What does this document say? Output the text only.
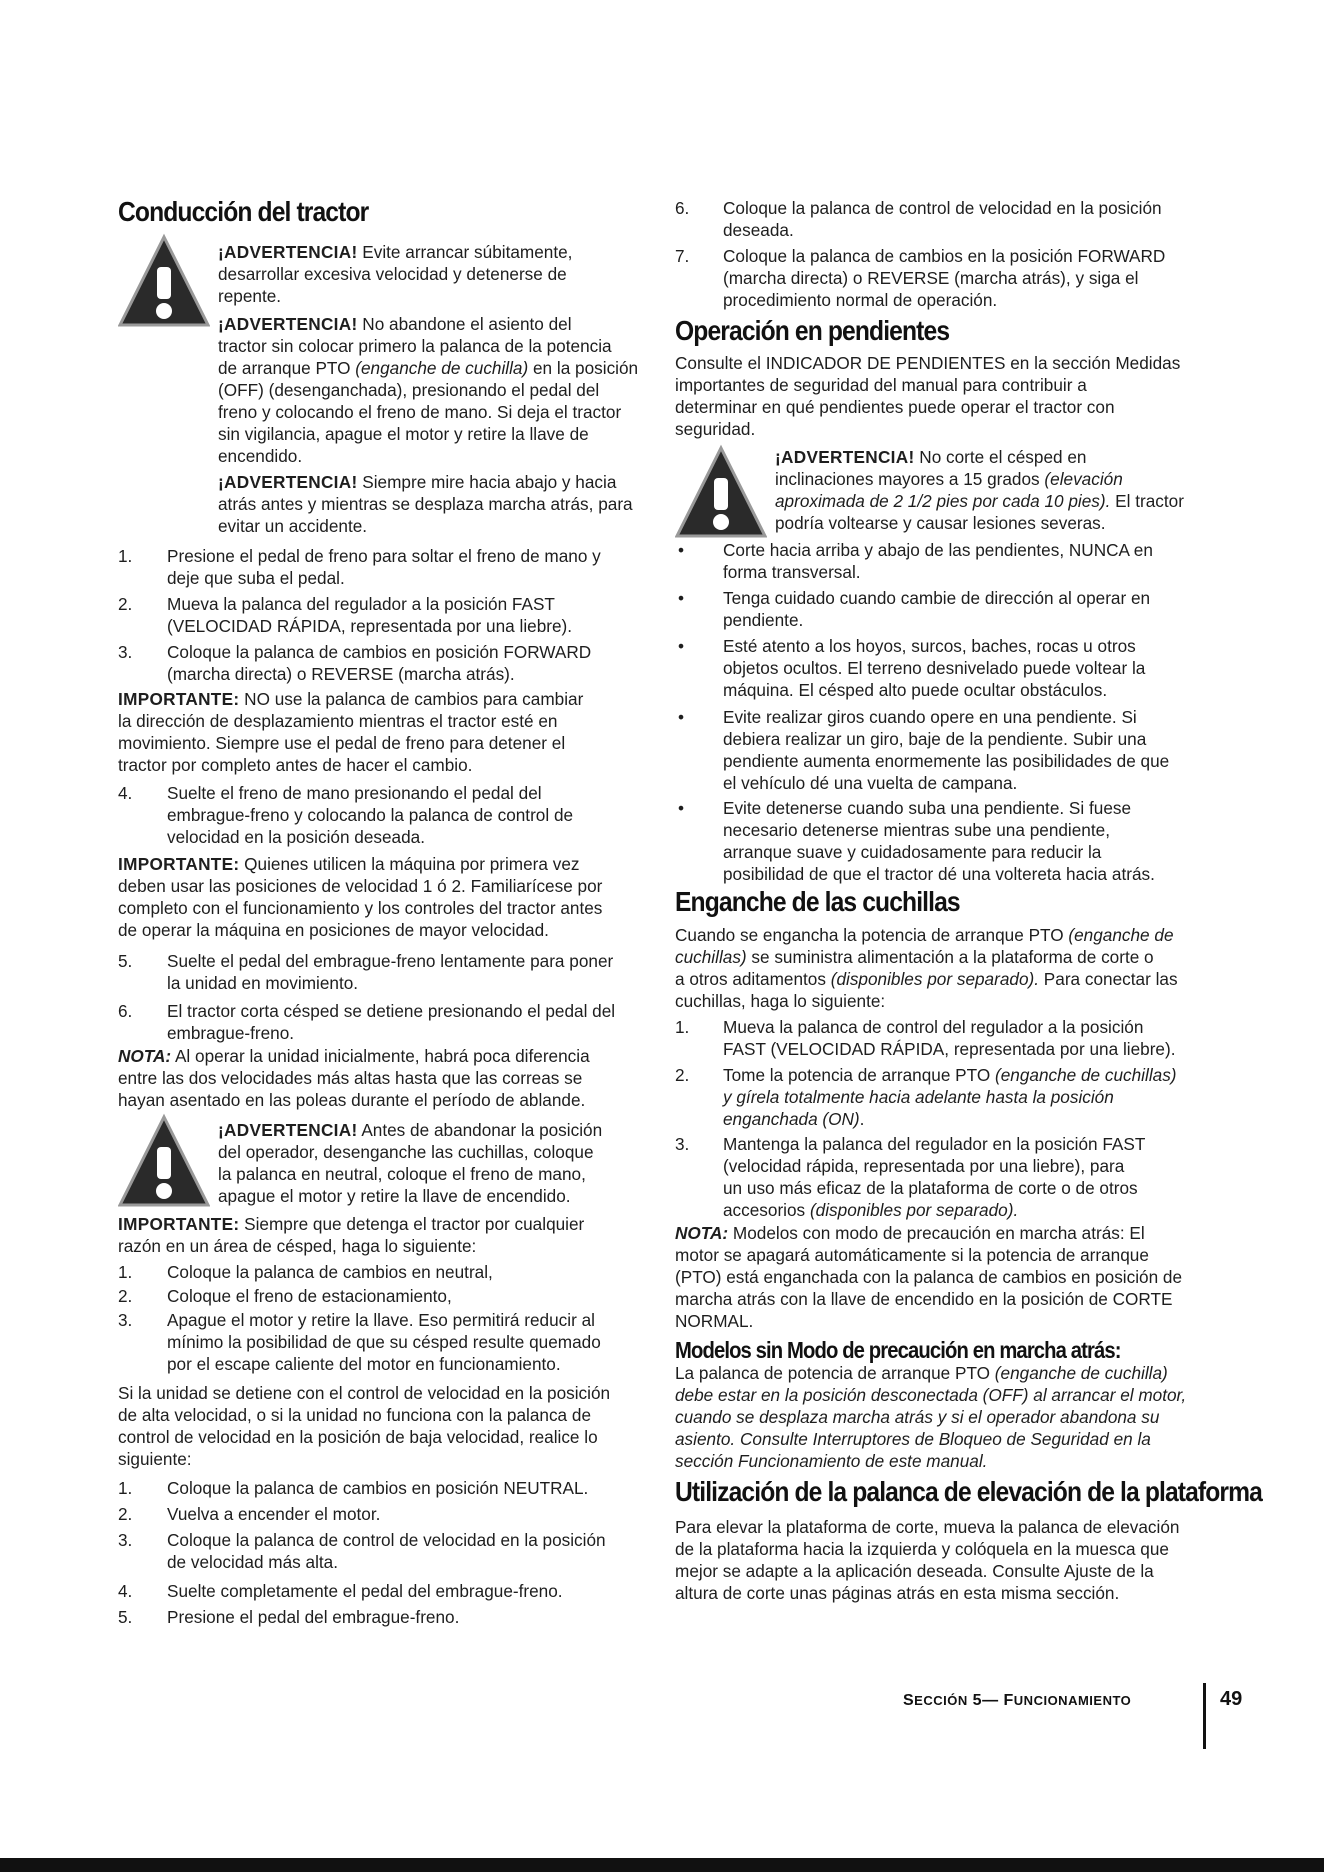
Conducción del tractor

¡ADVERTENCIA! Evite arrancar súbitamente,

desarrollar excesiva velocidad y detenerse de

repente.

¡ADVERTENCIA! No abandone el asiento del

tractor sin colocar primero la palanca de la potencia

de arranque PTO (enganche de cuchilla) en la posición

(OFF) (desenganchada), presionando el pedal del

freno y colocando el freno de mano. Si deja el tractor

sin vigilancia, apague el motor y retire la llave de

encendido.

¡ADVERTENCIA! Siempre mire hacia abajo y hacia

atrás antes y mientras se desplaza marcha atrás, para

evitar un accidente.

1. Presione el pedal de freno para soltar el freno de mano y

deje que suba el pedal.

2. Mueva la palanca del regulador a la posición FAST

(VELOCIDAD RÁPIDA, representada por una liebre).

3. Coloque la palanca de cambios en posición FORWARD

(marcha directa) o REVERSE (marcha atrás).

IMPORTANTE: NO use la palanca de cambios para cambiar

la dirección de desplazamiento mientras el tractor esté en

movimiento. Siempre use el pedal de freno para detener el

tractor por completo antes de hacer el cambio.

4. Suelte el freno de mano presionando el pedal del

embrague-freno y colocando la palanca de control de

velocidad en la posición deseada.

IMPORTANTE: Quienes utilicen la máquina por primera vez

deben usar las posiciones de velocidad 1 ó 2. Familiarícese por

completo con el funcionamiento y los controles del tractor antes

de operar la máquina en posiciones de mayor velocidad.

5. Suelte el pedal del embrague-freno lentamente para poner

la unidad en movimiento.

6. El tractor corta césped se detiene presionando el pedal del

embrague-freno.

NOTA: Al operar la unidad inicialmente, habrá poca diferencia

entre las dos velocidades más altas hasta que las correas se

hayan asentado en las poleas durante el período de ablande.

¡ADVERTENCIA! Antes de abandonar la posición

del operador, desenganche las cuchillas, coloque

la palanca en neutral, coloque el freno de mano,

apague el motor y retire la llave de encendido.

IMPORTANTE: Siempre que detenga el tractor por cualquier

razón en un área de césped, haga lo siguiente:

1. Coloque la palanca de cambios en neutral,

2. Coloque el freno de estacionamiento,

3. Apague el motor y retire la llave. Eso permitirá reducir al

mínimo la posibilidad de que su césped resulte quemado

por el escape caliente del motor en funcionamiento.

Si la unidad se detiene con el control de velocidad en la posición

de alta velocidad, o si la unidad no funciona con la palanca de

control de velocidad en la posición de baja velocidad, realice lo

siguiente:

1. Coloque la palanca de cambios en posición NEUTRAL.

2. Vuelva a encender el motor.

3. Coloque la palanca de control de velocidad en la posición

de velocidad más alta.

4. Suelte completamente el pedal del embrague-freno.

5. Presione el pedal del embrague-freno.

6. Coloque la palanca de control de velocidad en la posición

deseada.

7. Coloque la palanca de cambios en la posición FORWARD

(marcha directa) o REVERSE (marcha atrás), y siga el

procedimiento normal de operación.

Operación en pendientes

Consulte el INDICADOR DE PENDIENTES en la sección Medidas

importantes de seguridad del manual para contribuir a

determinar en qué pendientes puede operar el tractor con

seguridad.

¡ADVERTENCIA! No corte el césped en

inclinaciones mayores a 15 grados (elevación

aproximada de 2 1/2 pies por cada 10 pies). El tractor

podría voltearse y causar lesiones severas.

• Corte hacia arriba y abajo de las pendientes, NUNCA en

forma transversal.

• Tenga cuidado cuando cambie de dirección al operar en

pendiente.

• Esté atento a los hoyos, surcos, baches, rocas u otros

objetos ocultos. El terreno desnivelado puede voltear la

máquina. El césped alto puede ocultar obstáculos.

• Evite realizar giros cuando opere en una pendiente. Si

debiera realizar un giro, baje de la pendiente. Subir una

pendiente aumenta enormemente las posibilidades de que

el vehículo dé una vuelta de campana.

• Evite detenerse cuando suba una pendiente. Si fuese

necesario detenerse mientras sube una pendiente,

arranque suave y cuidadosamente para reducir la

posibilidad de que el tractor dé una voltereta hacia atrás.

Enganche de las cuchillas

Cuando se engancha la potencia de arranque PTO (enganche de

cuchillas) se suministra alimentación a la plataforma de corte o

a otros aditamentos (disponibles por separado). Para conectar las

cuchillas, haga lo siguiente:

1. Mueva la palanca de control del regulador a la posición

FAST (VELOCIDAD RÁPIDA, representada por una liebre).

2. Tome la potencia de arranque PTO (enganche de cuchillas)

y gírela totalmente hacia adelante hasta la posición

enganchada (ON).

3. Mantenga la palanca del regulador en la posición FAST

(velocidad rápida, representada por una liebre), para

un uso más eficaz de la plataforma de corte o de otros

accesorios (disponibles por separado).

NOTA: Modelos con modo de precaución en marcha atrás: El

motor se apagará automáticamente si la potencia de arranque

(PTO) está enganchada con la palanca de cambios en posición de

marcha atrás con la llave de encendido en la posición de CORTE

NORMAL.

Modelos sin Modo de precaución en marcha atrás:

La palanca de potencia de arranque PTO (enganche de cuchilla)

debe estar en la posición desconectada (OFF) al arrancar el motor,

cuando se desplaza marcha atrás y si el operador abandona su

asiento. Consulte Interruptores de Bloqueo de Seguridad en la

sección Funcionamiento de este manual.

Utilización de la palanca de elevación de la plataforma

Para elevar la plataforma de corte, mueva la palanca de elevación

de la plataforma hacia la izquierda y colóquela en la muesca que

mejor se adapte a la aplicación deseada. Consulte Ajuste de la

altura de corte unas páginas atrás en esta misma sección.

SECCIÓN 5— FUNCIONAMIENTO	49
